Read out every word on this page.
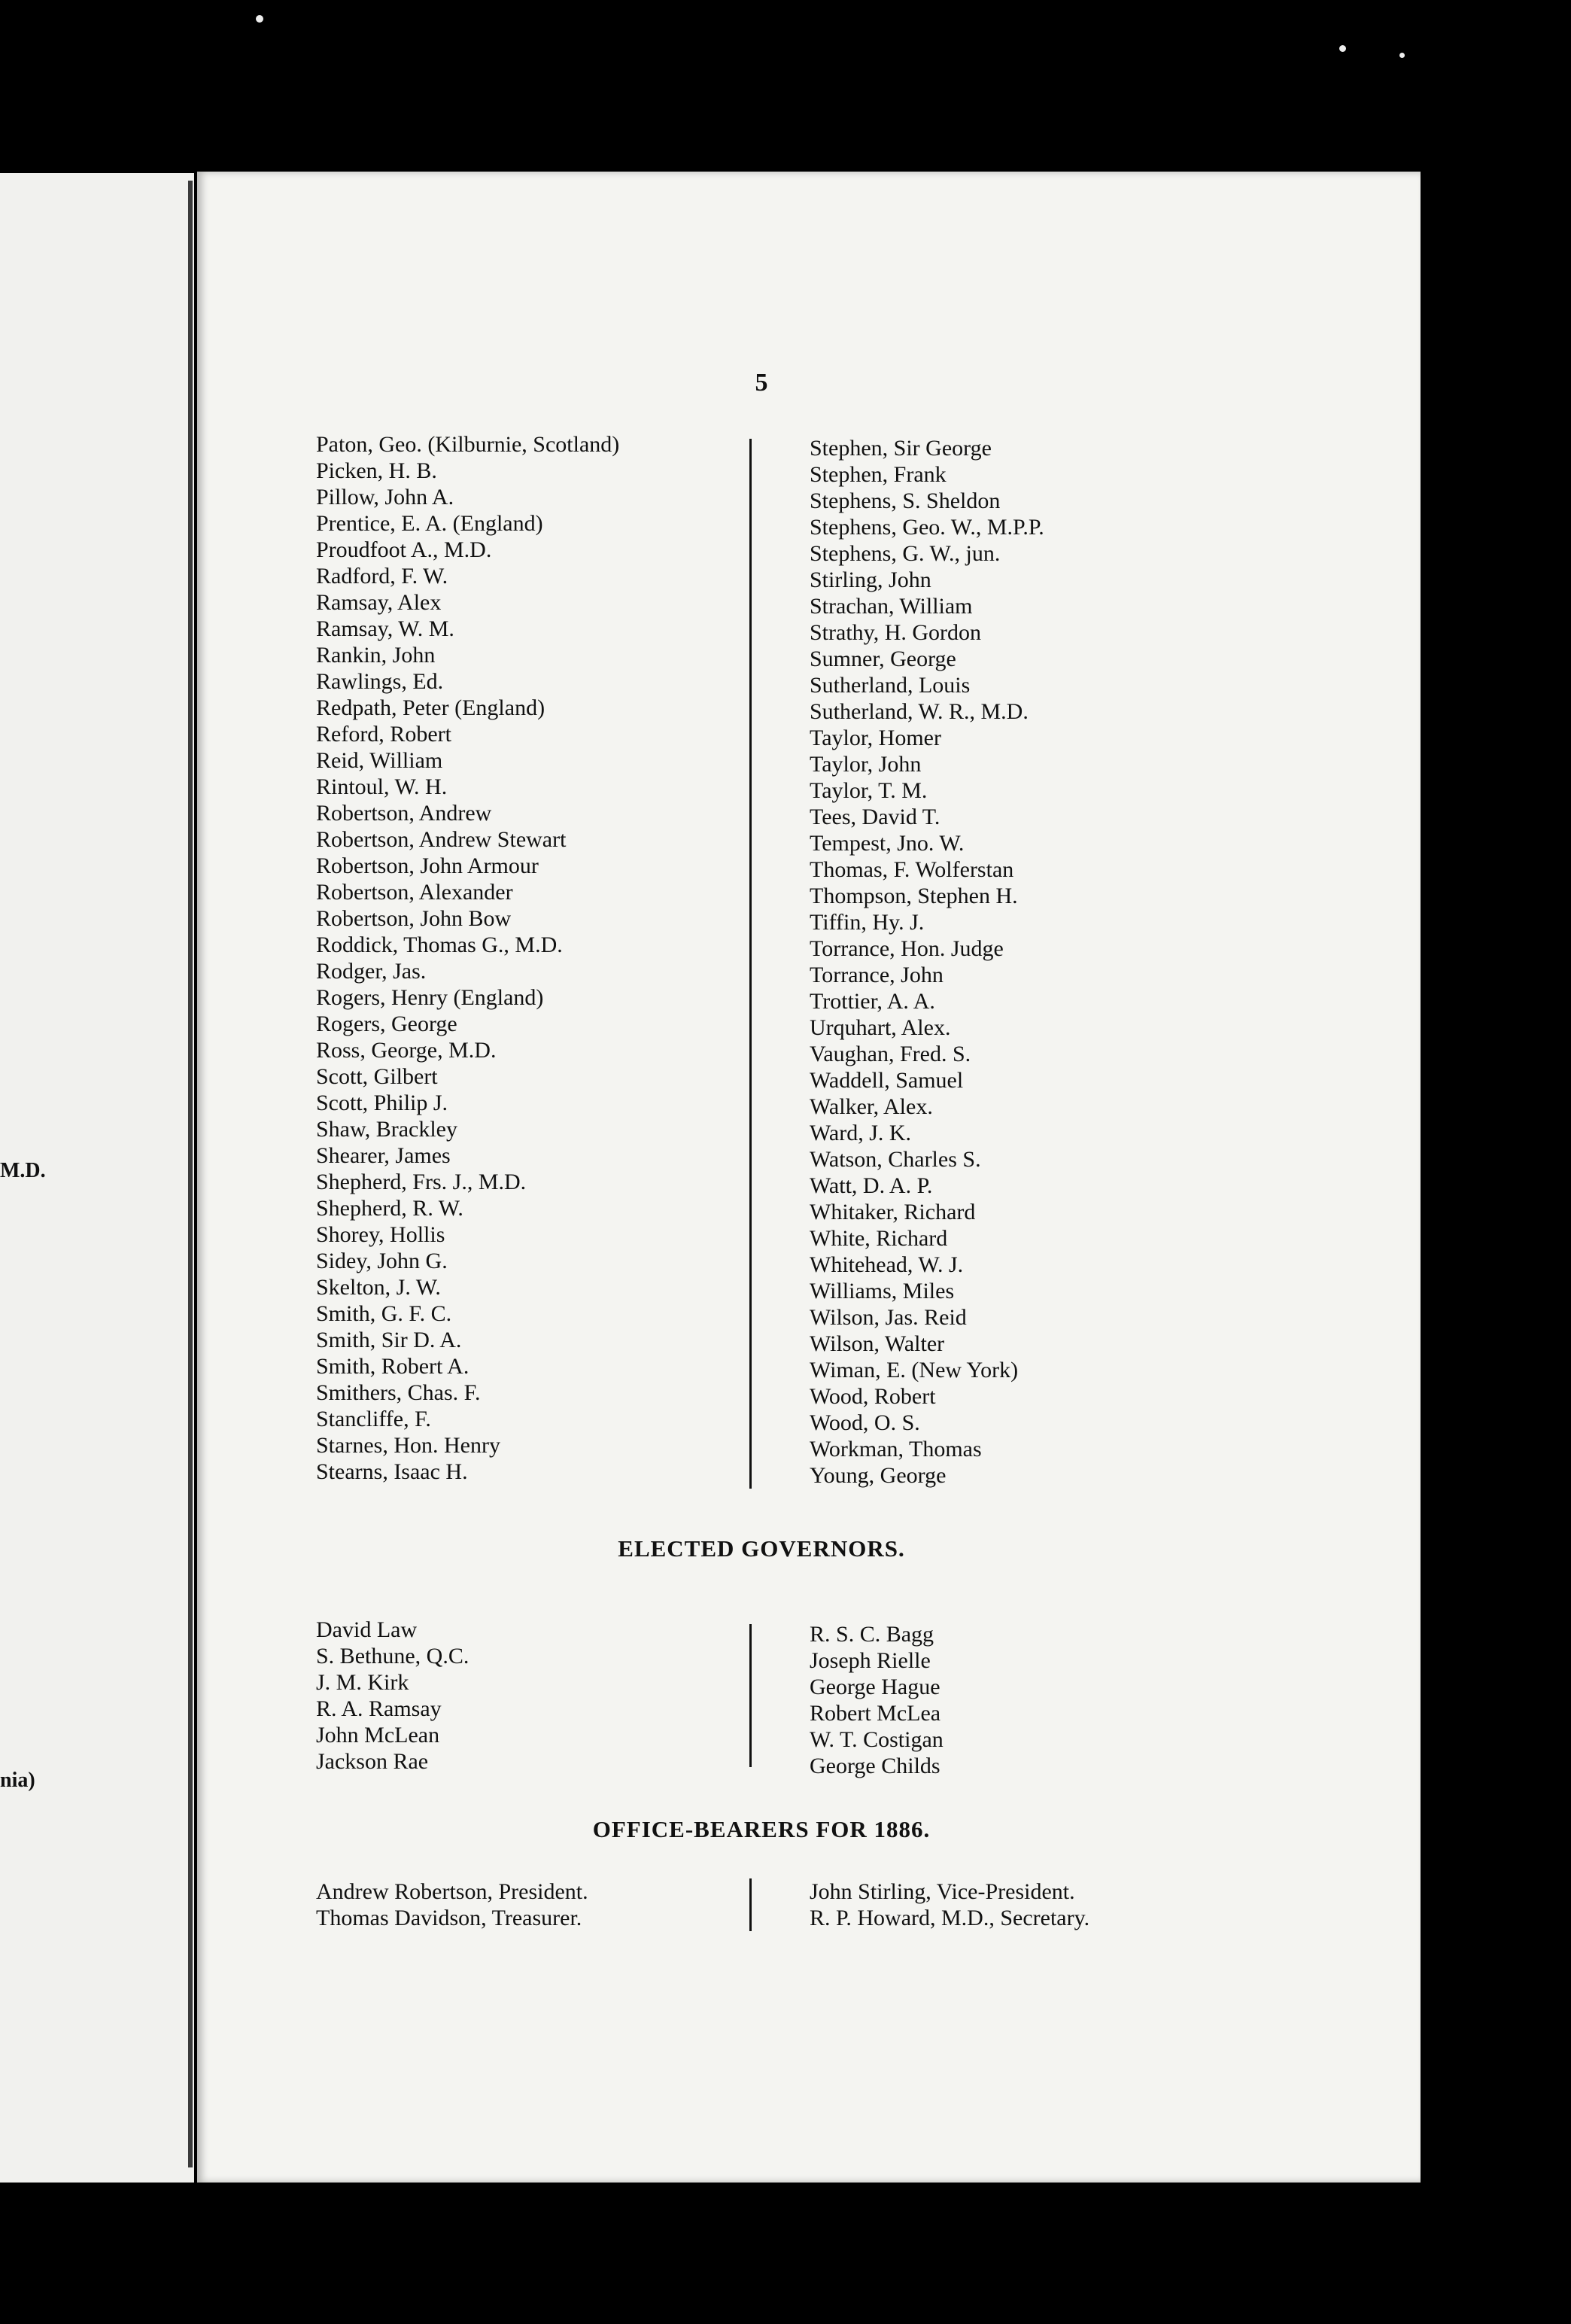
M.D.
nia)
5
Paton, Geo. (Kilburnie, Scotland)
Picken, H. B.
Pillow, John A.
Prentice, E. A. (England)
Proudfoot A., M.D.
Radford, F. W.
Ramsay, Alex
Ramsay, W. M.
Rankin, John
Rawlings, Ed.
Redpath, Peter (England)
Reford, Robert
Reid, William
Rintoul, W. H.
Robertson, Andrew
Robertson, Andrew Stewart
Robertson, John Armour
Robertson, Alexander
Robertson, John Bow
Roddick, Thomas G., M.D.
Rodger, Jas.
Rogers, Henry (England)
Rogers, George
Ross, George, M.D.
Scott, Gilbert
Scott, Philip J.
Shaw, Brackley
Shearer, James
Shepherd, Frs. J., M.D.
Shepherd, R. W.
Shorey, Hollis
Sidey, John G.
Skelton, J. W.
Smith, G. F. C.
Smith, Sir D. A.
Smith, Robert A.
Smithers, Chas. F.
Stancliffe, F.
Starnes, Hon. Henry
Stearns, Isaac H.
Stephen, Sir George
Stephen, Frank
Stephens, S. Sheldon
Stephens, Geo. W., M.P.P.
Stephens, G. W., jun.
Stirling, John
Strachan, William
Strathy, H. Gordon
Sumner, George
Sutherland, Louis
Sutherland, W. R., M.D.
Taylor, Homer
Taylor, John
Taylor, T. M.
Tees, David T.
Tempest, Jno. W.
Thomas, F. Wolferstan
Thompson, Stephen H.
Tiffin, Hy. J.
Torrance, Hon. Judge
Torrance, John
Trottier, A. A.
Urquhart, Alex.
Vaughan, Fred. S.
Waddell, Samuel
Walker, Alex.
Ward, J. K.
Watson, Charles S.
Watt, D. A. P.
Whitaker, Richard
White, Richard
Whitehead, W. J.
Williams, Miles
Wilson, Jas. Reid
Wilson, Walter
Wiman, E. (New York)
Wood, Robert
Wood, O. S.
Workman, Thomas
Young, George
ELECTED GOVERNORS.
David Law
S. Bethune, Q.C.
J. M. Kirk
R. A. Ramsay
John McLean
Jackson Rae
R. S. C. Bagg
Joseph Rielle
George Hague
Robert McLea
W. T. Costigan
George Childs
OFFICE-BEARERS FOR 1886.
Andrew Robertson, President.
Thomas Davidson, Treasurer.
John Stirling, Vice-President.
R. P. Howard, M.D., Secretary.
